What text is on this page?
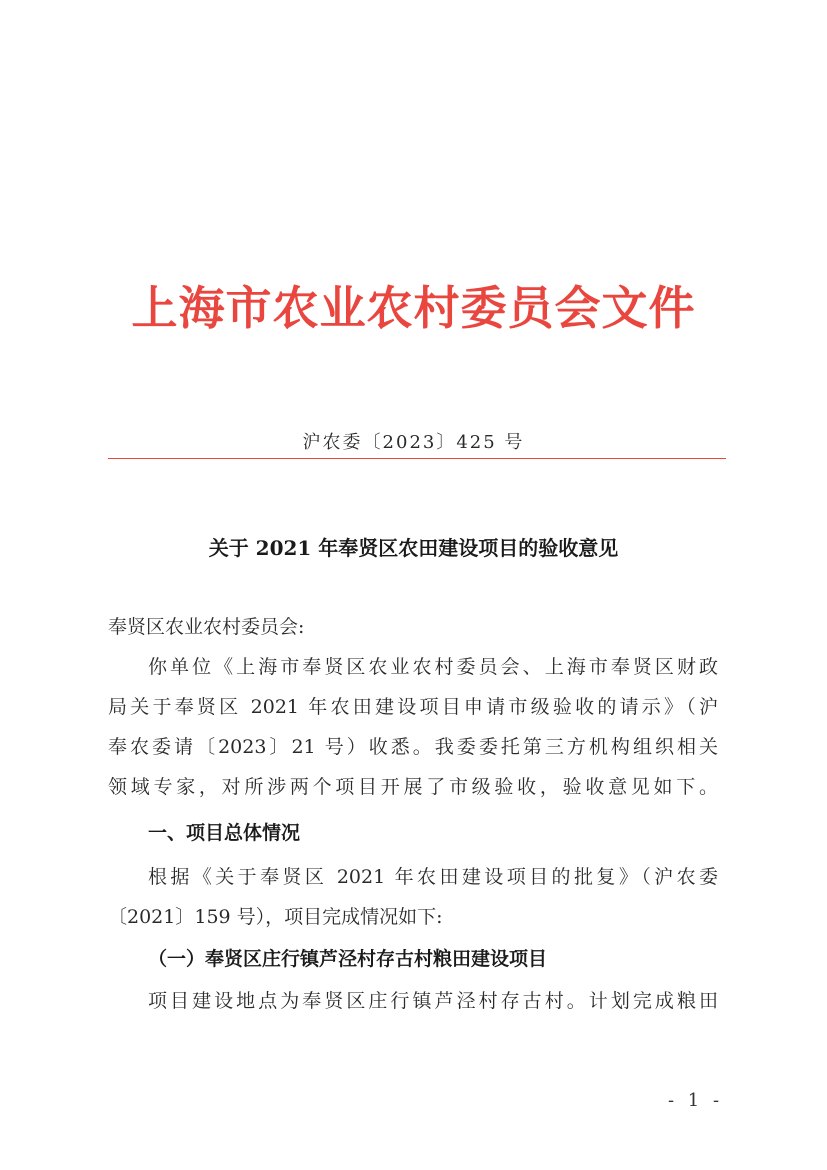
上海市农业农村委员会文件
沪农委〔2023〕425 号
关于 2021 年奉贤区农田建设项目的验收意见
奉贤区农业农村委员会:
你单位《上海市奉贤区农业农村委员会、上海市奉贤区财政
局关于奉贤区 2021 年农田建设项目申请市级验收的请示》（沪
奉农委请〔2023〕21 号）收悉。我委委托第三方机构组织相关
领域专家，对所涉两个项目开展了市级验收，验收意见如下。
一、项目总体情况
根据《关于奉贤区 2021 年农田建设项目的批复》（沪农委
〔2021〕159 号），项目完成情况如下:
（一）奉贤区庄行镇芦泾村存古村粮田建设项目
项目建设地点为奉贤区庄行镇芦泾村存古村。计划完成粮田
- 1 -
